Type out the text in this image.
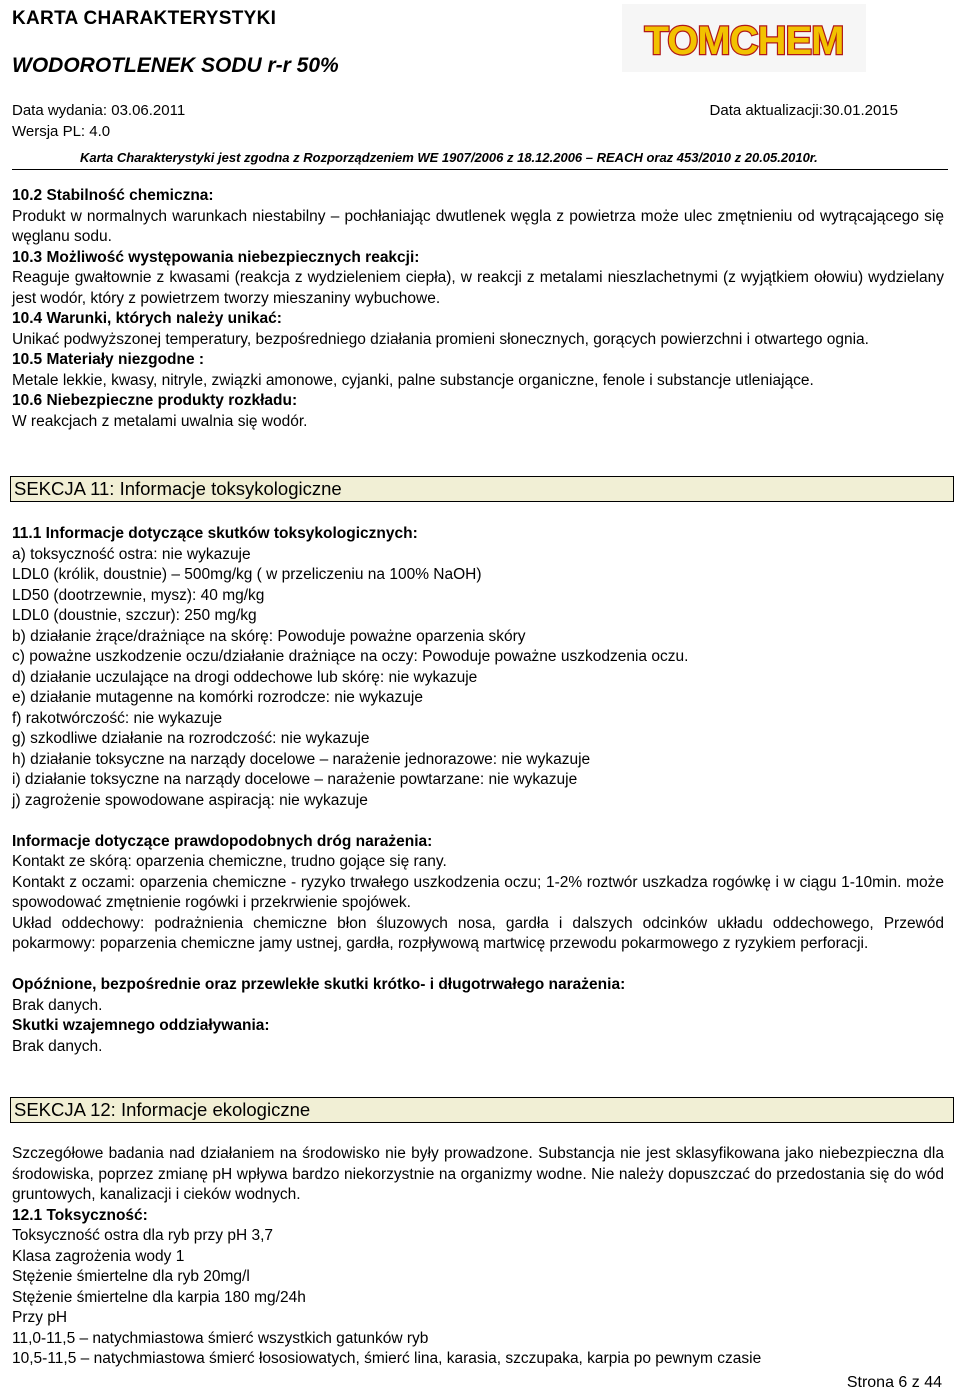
KARTA CHARAKTERYSTYKI
WODOROTLENEK SODU r-r 50%
TOMCHEM
Data wydania: 03.06.2011	Data aktualizacji:30.01.2015
Wersja PL: 4.0
Karta Charakterystyki jest zgodna z Rozporządzeniem WE 1907/2006 z 18.12.2006 – REACH oraz 453/2010 z 20.05.2010r.

10.2 Stabilność chemiczna:

Produkt w normalnych warunkach niestabilny – pochłaniając dwutlenek węgla z powietrza może ulec zmętnieniu od wytrącającego się węglanu sodu.

10.3 Możliwość występowania niebezpiecznych reakcji:

Reaguje gwałtownie z kwasami (reakcja z wydzieleniem ciepła), w reakcji z metalami nieszlachetnymi (z wyjątkiem ołowiu) wydzielany jest wodór, który z powietrzem tworzy mieszaniny wybuchowe.

10.4 Warunki, których należy unikać:

Unikać podwyższonej temperatury, bezpośredniego działania promieni słonecznych, gorących powierzchni i otwartego ognia.

10.5 Materiały niezgodne :

Metale lekkie, kwasy, nitryle, związki amonowe, cyjanki, palne substancje organiczne, fenole i substancje utleniające.

10.6 Niebezpieczne produkty rozkładu:

W reakcjach z metalami uwalnia się wodór.

SEKCJA 11: Informacje toksykologiczne

11.1 Informacje dotyczące skutków toksykologicznych:

a) toksyczność ostra: nie wykazuje

LDL0 (królik, doustnie) – 500mg/kg ( w przeliczeniu na 100% NaOH)

LD50 (dootrzewnie, mysz): 40 mg/kg

LDL0 (doustnie, szczur): 250 mg/kg

b) działanie żrące/drażniące na skórę: Powoduje poważne oparzenia skóry

c) poważne uszkodzenie oczu/działanie drażniące na oczy: Powoduje poważne uszkodzenia oczu.

d) działanie uczulające na drogi oddechowe lub skórę: nie wykazuje

e) działanie mutagenne na komórki rozrodcze: nie wykazuje

f) rakotwórczość: nie wykazuje

g) szkodliwe działanie na rozrodczość: nie wykazuje

h) działanie toksyczne na narządy docelowe – narażenie jednorazowe: nie wykazuje

i) działanie toksyczne na narządy docelowe – narażenie powtarzane: nie wykazuje

j) zagrożenie spowodowane aspiracją: nie wykazuje

Informacje dotyczące prawdopodobnych dróg narażenia:

Kontakt ze skórą: oparzenia chemiczne, trudno gojące się rany.

Kontakt z oczami: oparzenia chemiczne - ryzyko trwałego uszkodzenia oczu; 1-2% roztwór uszkadza rogówkę i w ciągu 1-10min. może spowodować zmętnienie rogówki i przekrwienie spojówek.

Układ oddechowy: podrażnienia chemiczne błon śluzowych nosa, gardła i dalszych odcinków układu oddechowego, Przewód pokarmowy: poparzenia chemiczne jamy ustnej, gardła, rozpływową martwicę przewodu pokarmowego z ryzykiem perforacji.

Opóźnione, bezpośrednie oraz przewlekłe skutki krótko- i długotrwałego narażenia:

Brak danych.

Skutki wzajemnego oddziaływania:

Brak danych.

SEKCJA 12: Informacje ekologiczne

Szczegółowe badania nad działaniem na środowisko nie były prowadzone. Substancja nie jest sklasyfikowana jako niebezpieczna dla środowiska, poprzez zmianę pH wpływa bardzo niekorzystnie na organizmy wodne. Nie należy dopuszczać do przedostania się do wód gruntowych, kanalizacji i cieków wodnych.

12.1 Toksyczność:

Toksyczność ostra dla ryb przy pH 3,7

Klasa zagrożenia wody 1

Stężenie śmiertelne dla ryb 20mg/l

Stężenie śmiertelne dla karpia 180 mg/24h

Przy pH

11,0-11,5 – natychmiastowa śmierć wszystkich gatunków ryb

10,5-11,5 – natychmiastowa śmierć łososiowatych, śmierć lina, karasia, szczupaka, karpia po pewnym czasie

Strona 6 z 44
